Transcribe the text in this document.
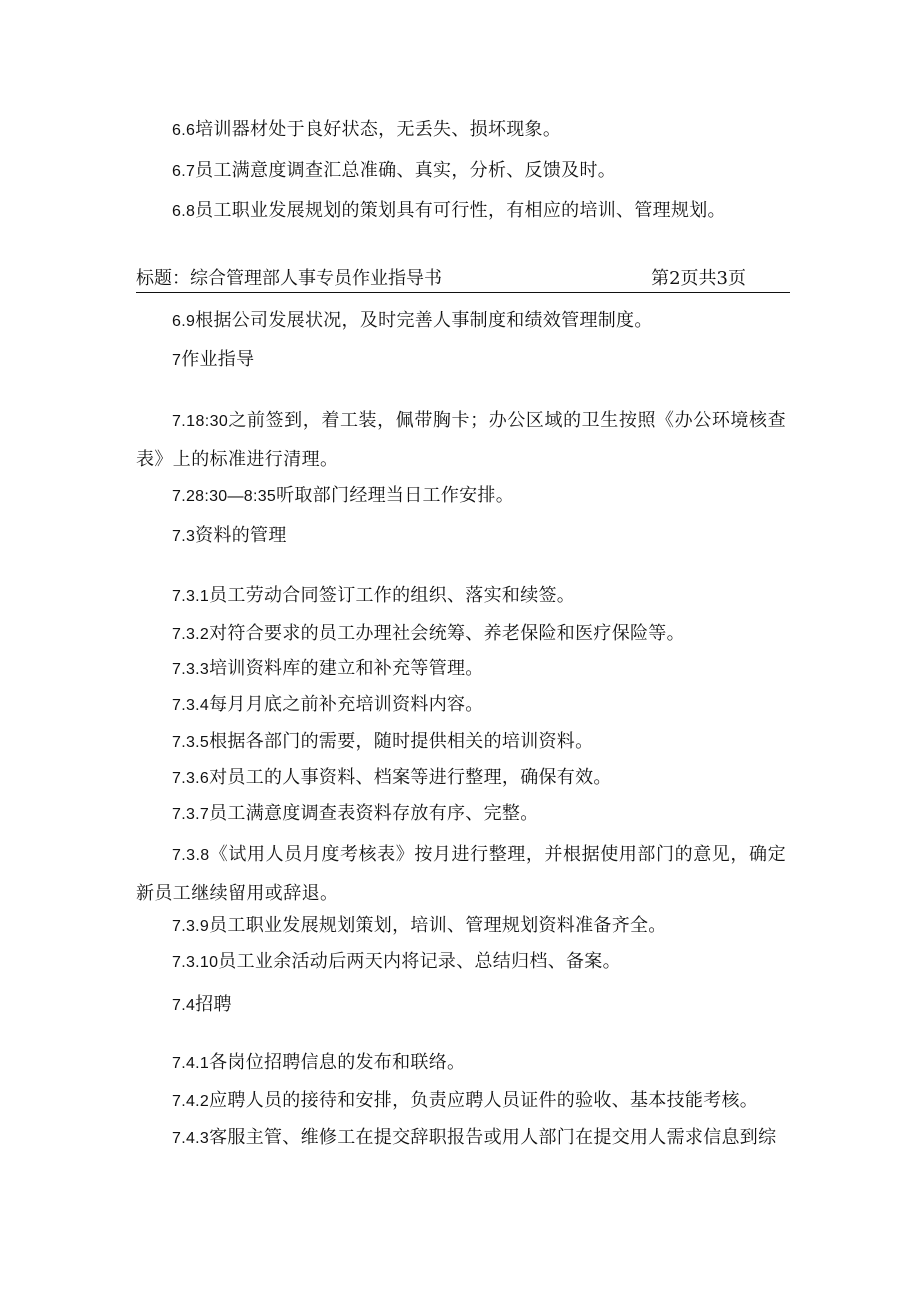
6.6培训器材处于良好状态，无丢失、损坏现象。

6.7员工满意度调查汇总准确、真实，分析、反馈及时。

6.8员工职业发展规划的策划具有可行性，有相应的培训、管理规划。

标题：综合管理部人事专员作业指导书	第2页共3页

6.9根据公司发展状况，及时完善人事制度和绩效管理制度。

7作业指导

7.18:30之前签到，着工装，佩带胸卡；办公区域的卫生按照《办公环境核查表》上的标准进行清理。

7.28:30—8:35听取部门经理当日工作安排。

7.3资料的管理

7.3.1员工劳动合同签订工作的组织、落实和续签。

7.3.2对符合要求的员工办理社会统筹、养老保险和医疗保险等。

7.3.3培训资料库的建立和补充等管理。

7.3.4每月月底之前补充培训资料内容。

7.3.5根据各部门的需要，随时提供相关的培训资料。

7.3.6对员工的人事资料、档案等进行整理，确保有效。

7.3.7员工满意度调查表资料存放有序、完整。

7.3.8《试用人员月度考核表》按月进行整理，并根据使用部门的意见，确定新员工继续留用或辞退。

7.3.9员工职业发展规划策划，培训、管理规划资料准备齐全。

7.3.10员工业余活动后两天内将记录、总结归档、备案。

7.4招聘

7.4.1各岗位招聘信息的发布和联络。

7.4.2应聘人员的接待和安排，负责应聘人员证件的验收、基本技能考核。

7.4.3客服主管、维修工在提交辞职报告或用人部门在提交用人需求信息到综
